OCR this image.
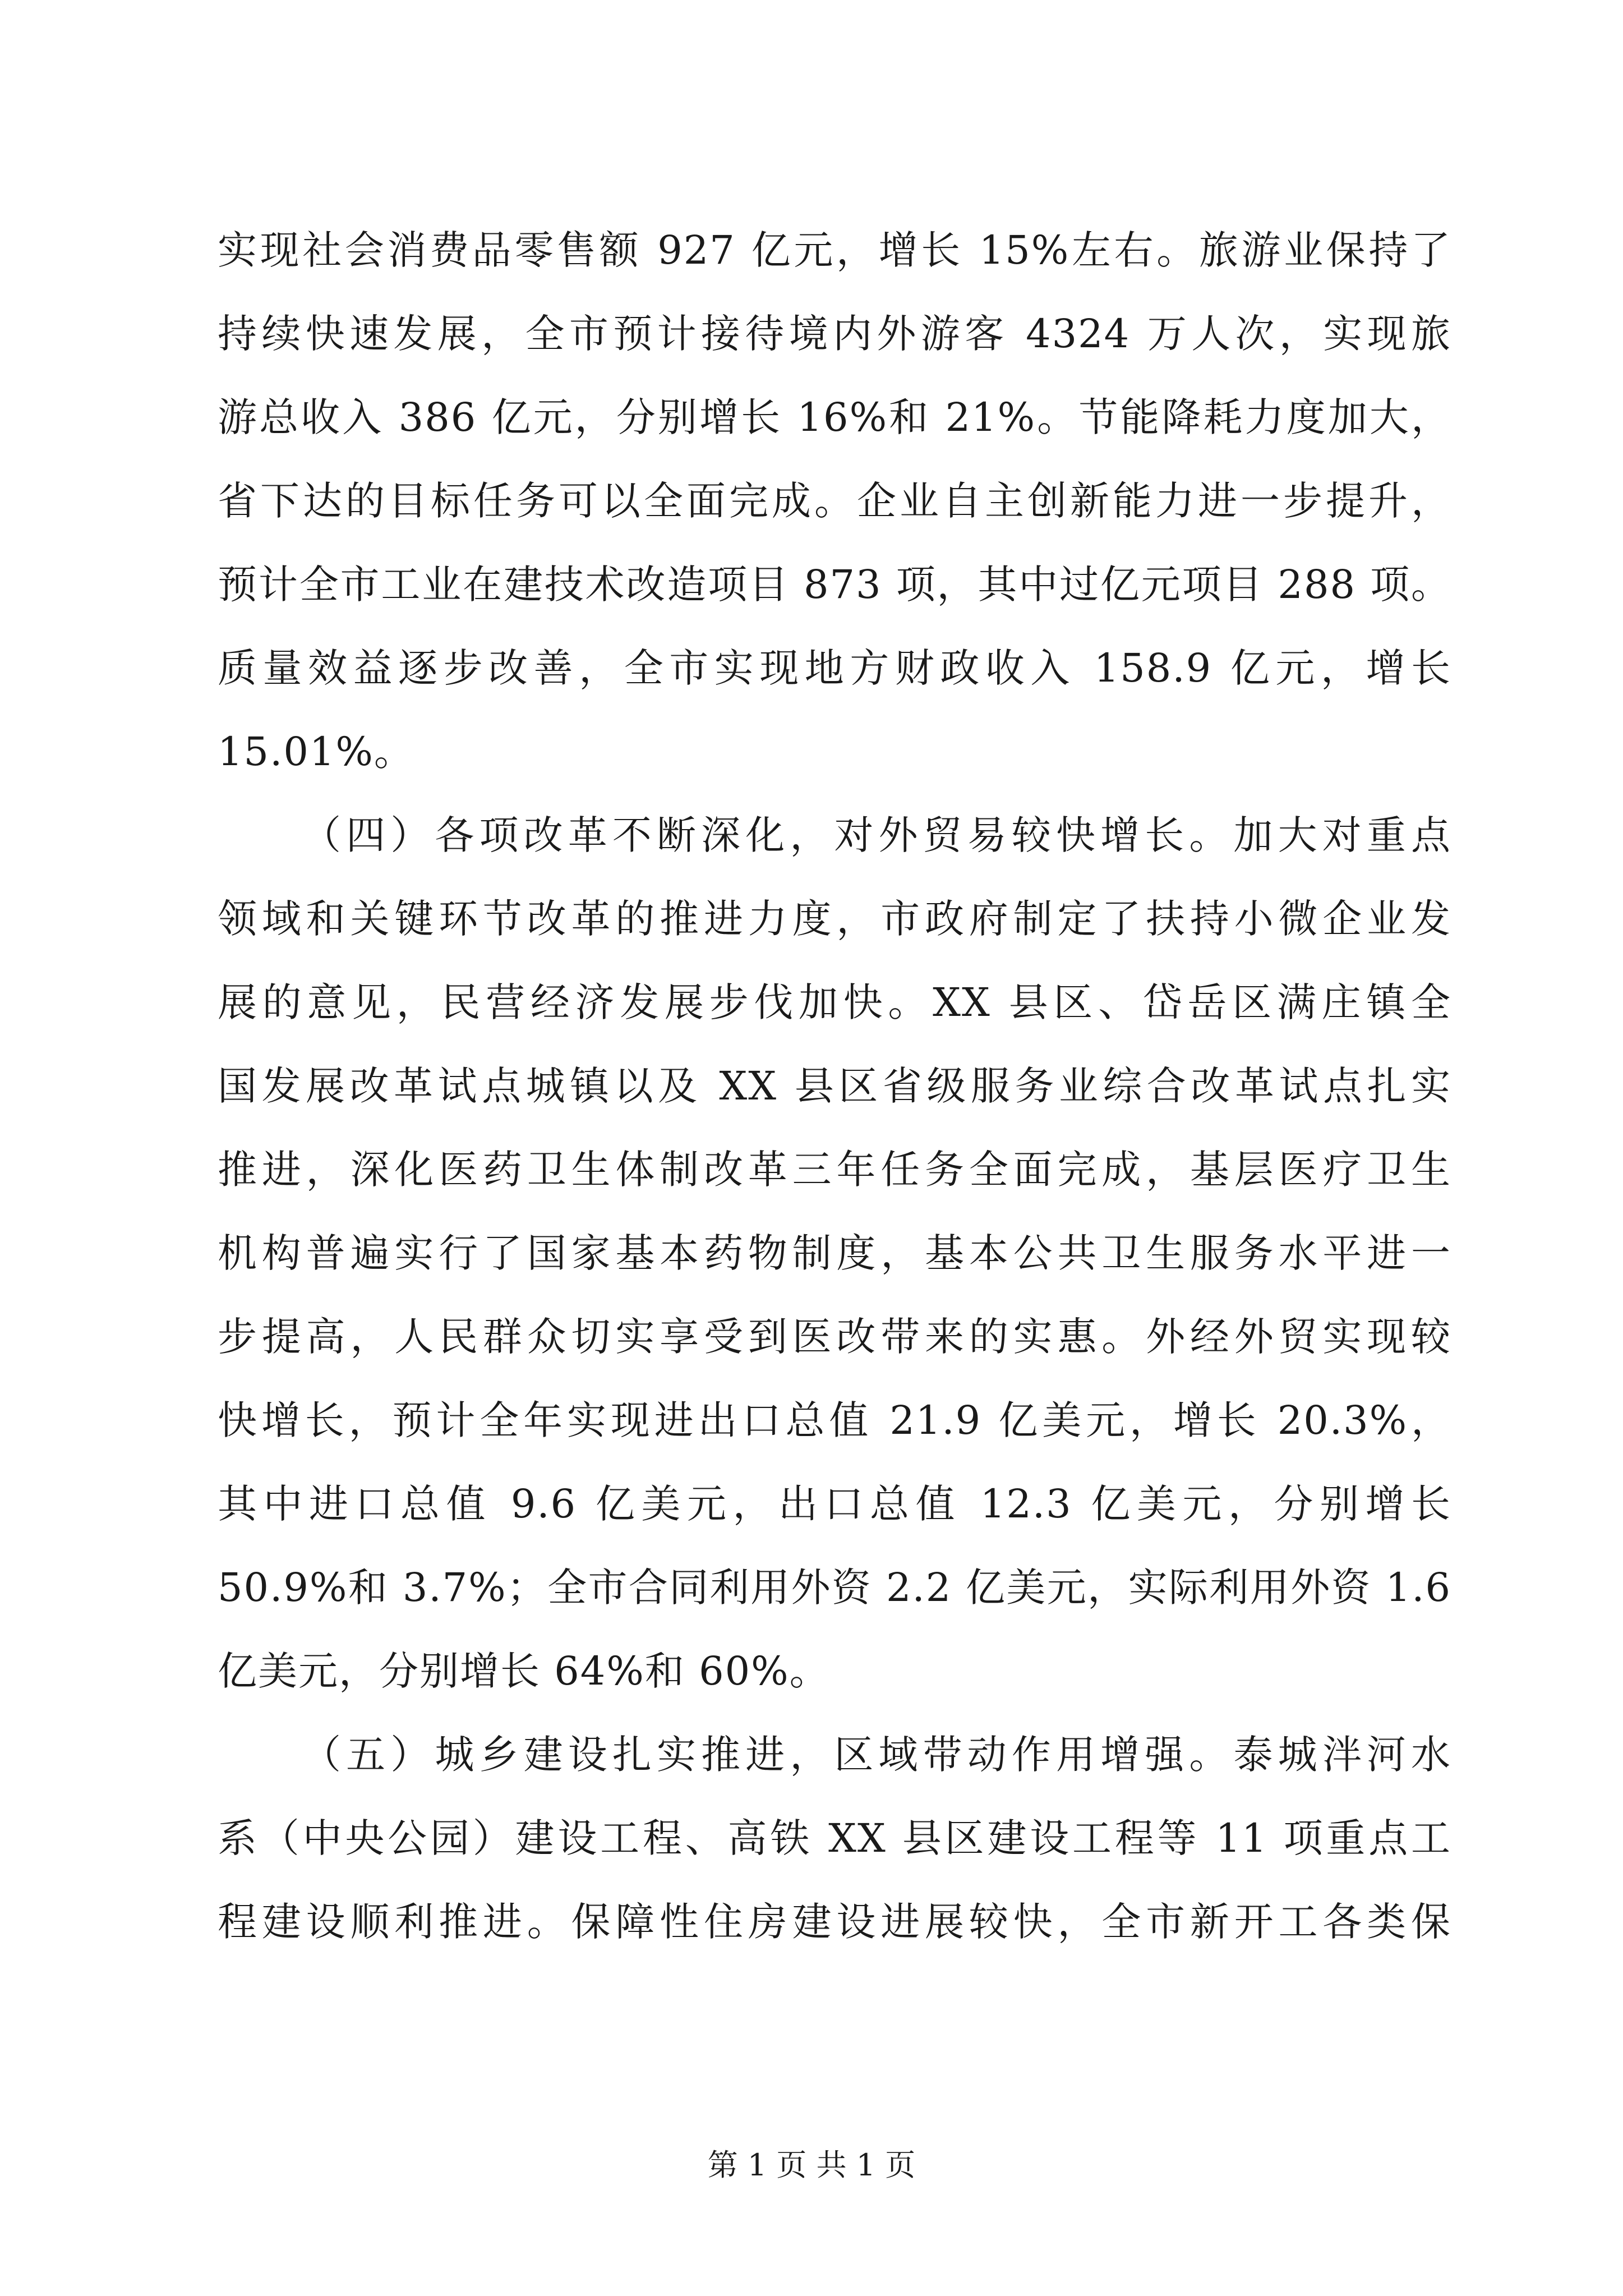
实现社会消费品零售额 927 亿元，增长 15%左右。旅游业保持了
持续快速发展，全市预计接待境内外游客 4324 万人次，实现旅
游总收入 386 亿元，分别增长 16%和 21%。节能降耗力度加大，
省下达的目标任务可以全面完成。企业自主创新能力进一步提升，
预计全市工业在建技术改造项目 873 项，其中过亿元项目 288 项。
质量效益逐步改善，全市实现地方财政收入 158.9 亿元，增长
15.01%。
（四）各项改革不断深化，对外贸易较快增长。加大对重点
领域和关键环节改革的推进力度，市政府制定了扶持小微企业发
展的意见，民营经济发展步伐加快。XX 县区、岱岳区满庄镇全
国发展改革试点城镇以及 XX 县区省级服务业综合改革试点扎实
推进，深化医药卫生体制改革三年任务全面完成，基层医疗卫生
机构普遍实行了国家基本药物制度，基本公共卫生服务水平进一
步提高，人民群众切实享受到医改带来的实惠。外经外贸实现较
快增长，预计全年实现进出口总值 21.9 亿美元，增长 20.3%，
其中进口总值 9.6 亿美元，出口总值 12.3 亿美元，分别增长
50.9%和 3.7%；全市合同利用外资 2.2 亿美元，实际利用外资 1.6
亿美元，分别增长 64%和 60%。
（五）城乡建设扎实推进，区域带动作用增强。泰城泮河水
系（中央公园）建设工程、高铁 XX 县区建设工程等 11 项重点工
程建设顺利推进。保障性住房建设进展较快，全市新开工各类保
第 1 页 共 1 页
